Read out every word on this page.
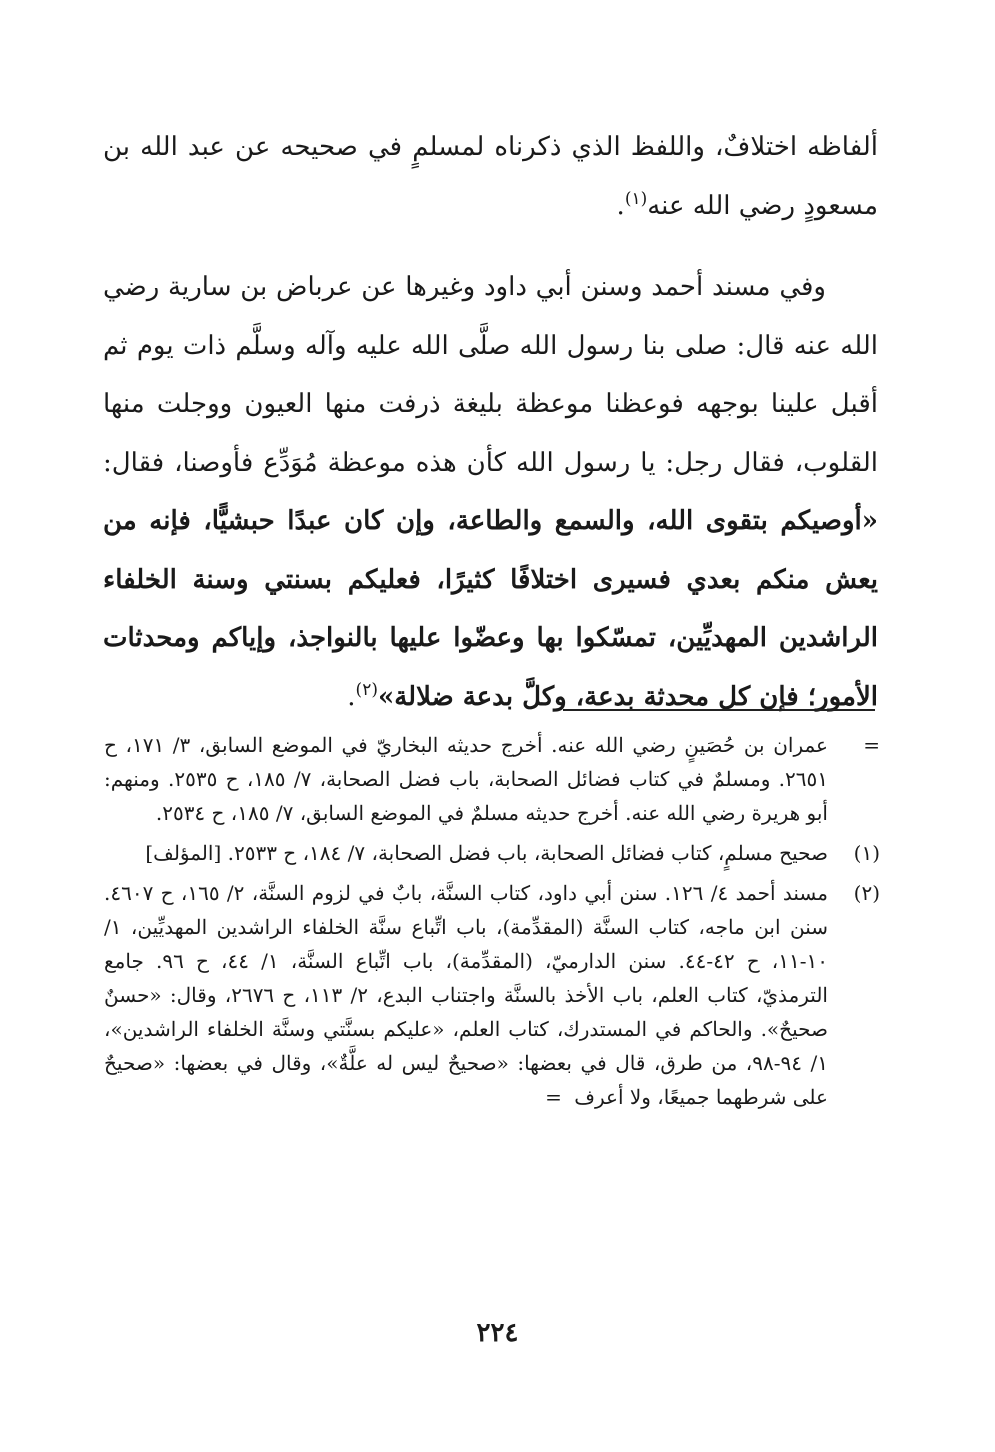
ألفاظه اختلافٌ، واللفظ الذي ذكرناه لمسلمٍ في صحيحه عن عبد الله بن مسعودٍ رضي الله عنه$^{(١)}$.

وفي مسند أحمد وسنن أبي داود وغيرها عن عرباض بن سارية رضي الله عنه قال: صلى بنا رسول الله صلَّى الله عليه وآله وسلَّم ذات يوم ثم أقبل علينا بوجهه فوعظنا موعظة بليغة ذرفت منها العيون ووجلت منها القلوب، فقال رجل: يا رسول الله كأن هذه موعظة مُوَدِّع فأوصنا، فقال: «أوصيكم بتقوى الله، والسمع والطاعة، وإن كان عبدًا حبشيًّا، فإنه من يعش منكم بعدي فسيرى اختلافًا كثيرًا، فعليكم بسنتي وسنة الخلفاء الراشدين المهديِّين، تمسّكوا بها وعضّوا عليها بالنواجذ، وإياكم ومحدثات الأمور؛ فإن كل محدثة بدعة، وكلَّ بدعة ضلالة»$^{(٢)}$.

=
عمران بن حُصَينٍ رضي الله عنه. أخرج حديثه البخاريّ في الموضع السابق، ٣/ ١٧١، ح ٢٦٥١. ومسلمٌ في كتاب فضائل الصحابة، باب فضل الصحابة، ٧/ ١٨٥، ح ٢٥٣٥. ومنهم: أبو هريرة رضي الله عنه. أخرج حديثه مسلمٌ في الموضع السابق، ٧/ ١٨٥، ح ٢٥٣٤.
(١)
صحيح مسلمٍ، كتاب فضائل الصحابة، باب فضل الصحابة، ٧/ ١٨٤، ح ٢٥٣٣. [المؤلف]
(٢)
مسند أحمد ٤/ ١٢٦. سنن أبي داود، كتاب السنَّة، بابٌ في لزوم السنَّة، ٢/ ١٦٥، ح ٤٦٠٧. سنن ابن ماجه، كتاب السنَّة (المقدِّمة)، باب اتِّباع سنَّة الخلفاء الراشدين المهديِّين، ١/ ١٠-١١، ح ٤٢-٤٤. سنن الدارميّ، (المقدِّمة)، باب اتِّباع السنَّة، ١/ ٤٤، ح ٩٦. جامع الترمذيّ، كتاب العلم، باب الأخذ بالسنَّة واجتناب البدع، ٢/ ١١٣، ح ٢٦٧٦، وقال: «حسنٌ صحيحٌ». والحاكم في المستدرك، كتاب العلم، «عليكم بسنَّتي وسنَّة الخلفاء الراشدين»، ١/ ٩٤-٩٨، من طرق، قال في بعضها: «صحيحٌ ليس له علَّةٌ»، وقال في بعضها: «صحيحٌ على شرطهما جميعًا، ولا أعرف =
٢٢٤
